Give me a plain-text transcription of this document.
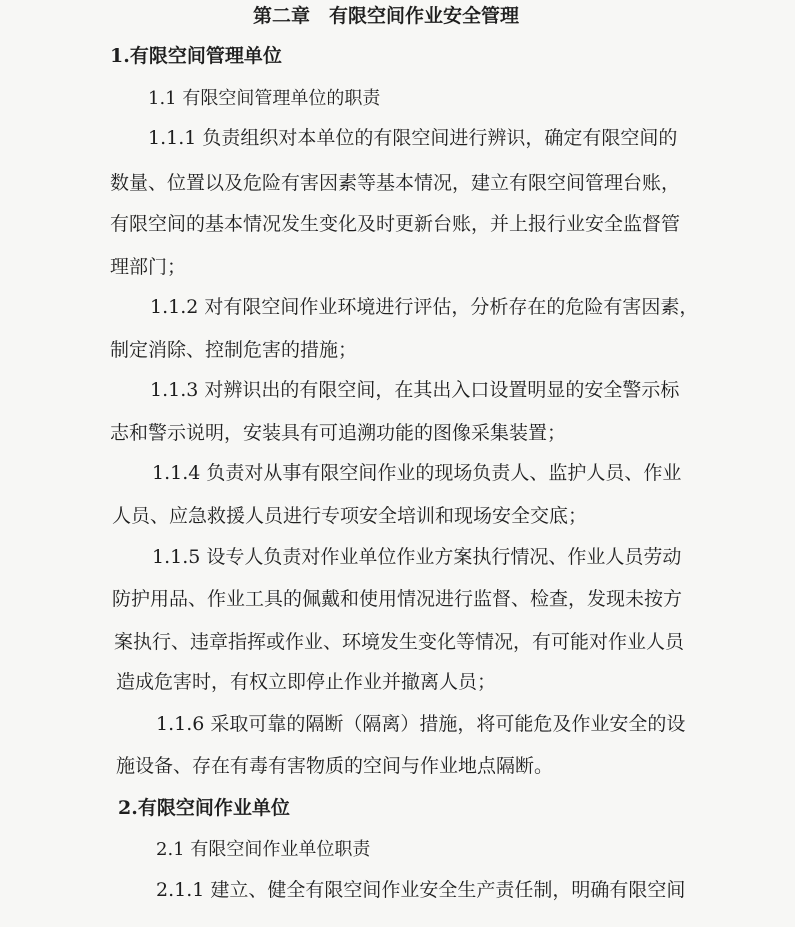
第二章　有限空间作业安全管理
1.有限空间管理单位
1.1 有限空间管理单位的职责
1.1.1 负责组织对本单位的有限空间进行辨识，确定有限空间的
数量、位置以及危险有害因素等基本情况，建立有限空间管理台账，
有限空间的基本情况发生变化及时更新台账，并上报行业安全监督管
理部门；
1.1.2 对有限空间作业环境进行评估，分析存在的危险有害因素，
制定消除、控制危害的措施；
1.1.3 对辨识出的有限空间，在其出入口设置明显的安全警示标
志和警示说明，安装具有可追溯功能的图像采集装置；
1.1.4 负责对从事有限空间作业的现场负责人、监护人员、作业
人员、应急救援人员进行专项安全培训和现场安全交底；
1.1.5 设专人负责对作业单位作业方案执行情况、作业人员劳动
防护用品、作业工具的佩戴和使用情况进行监督、检查，发现未按方
案执行、违章指挥或作业、环境发生变化等情况，有可能对作业人员
造成危害时，有权立即停止作业并撤离人员；
1.1.6 采取可靠的隔断（隔离）措施，将可能危及作业安全的设
施设备、存在有毒有害物质的空间与作业地点隔断。
2.有限空间作业单位
2.1 有限空间作业单位职责
2.1.1 建立、健全有限空间作业安全生产责任制，明确有限空间
